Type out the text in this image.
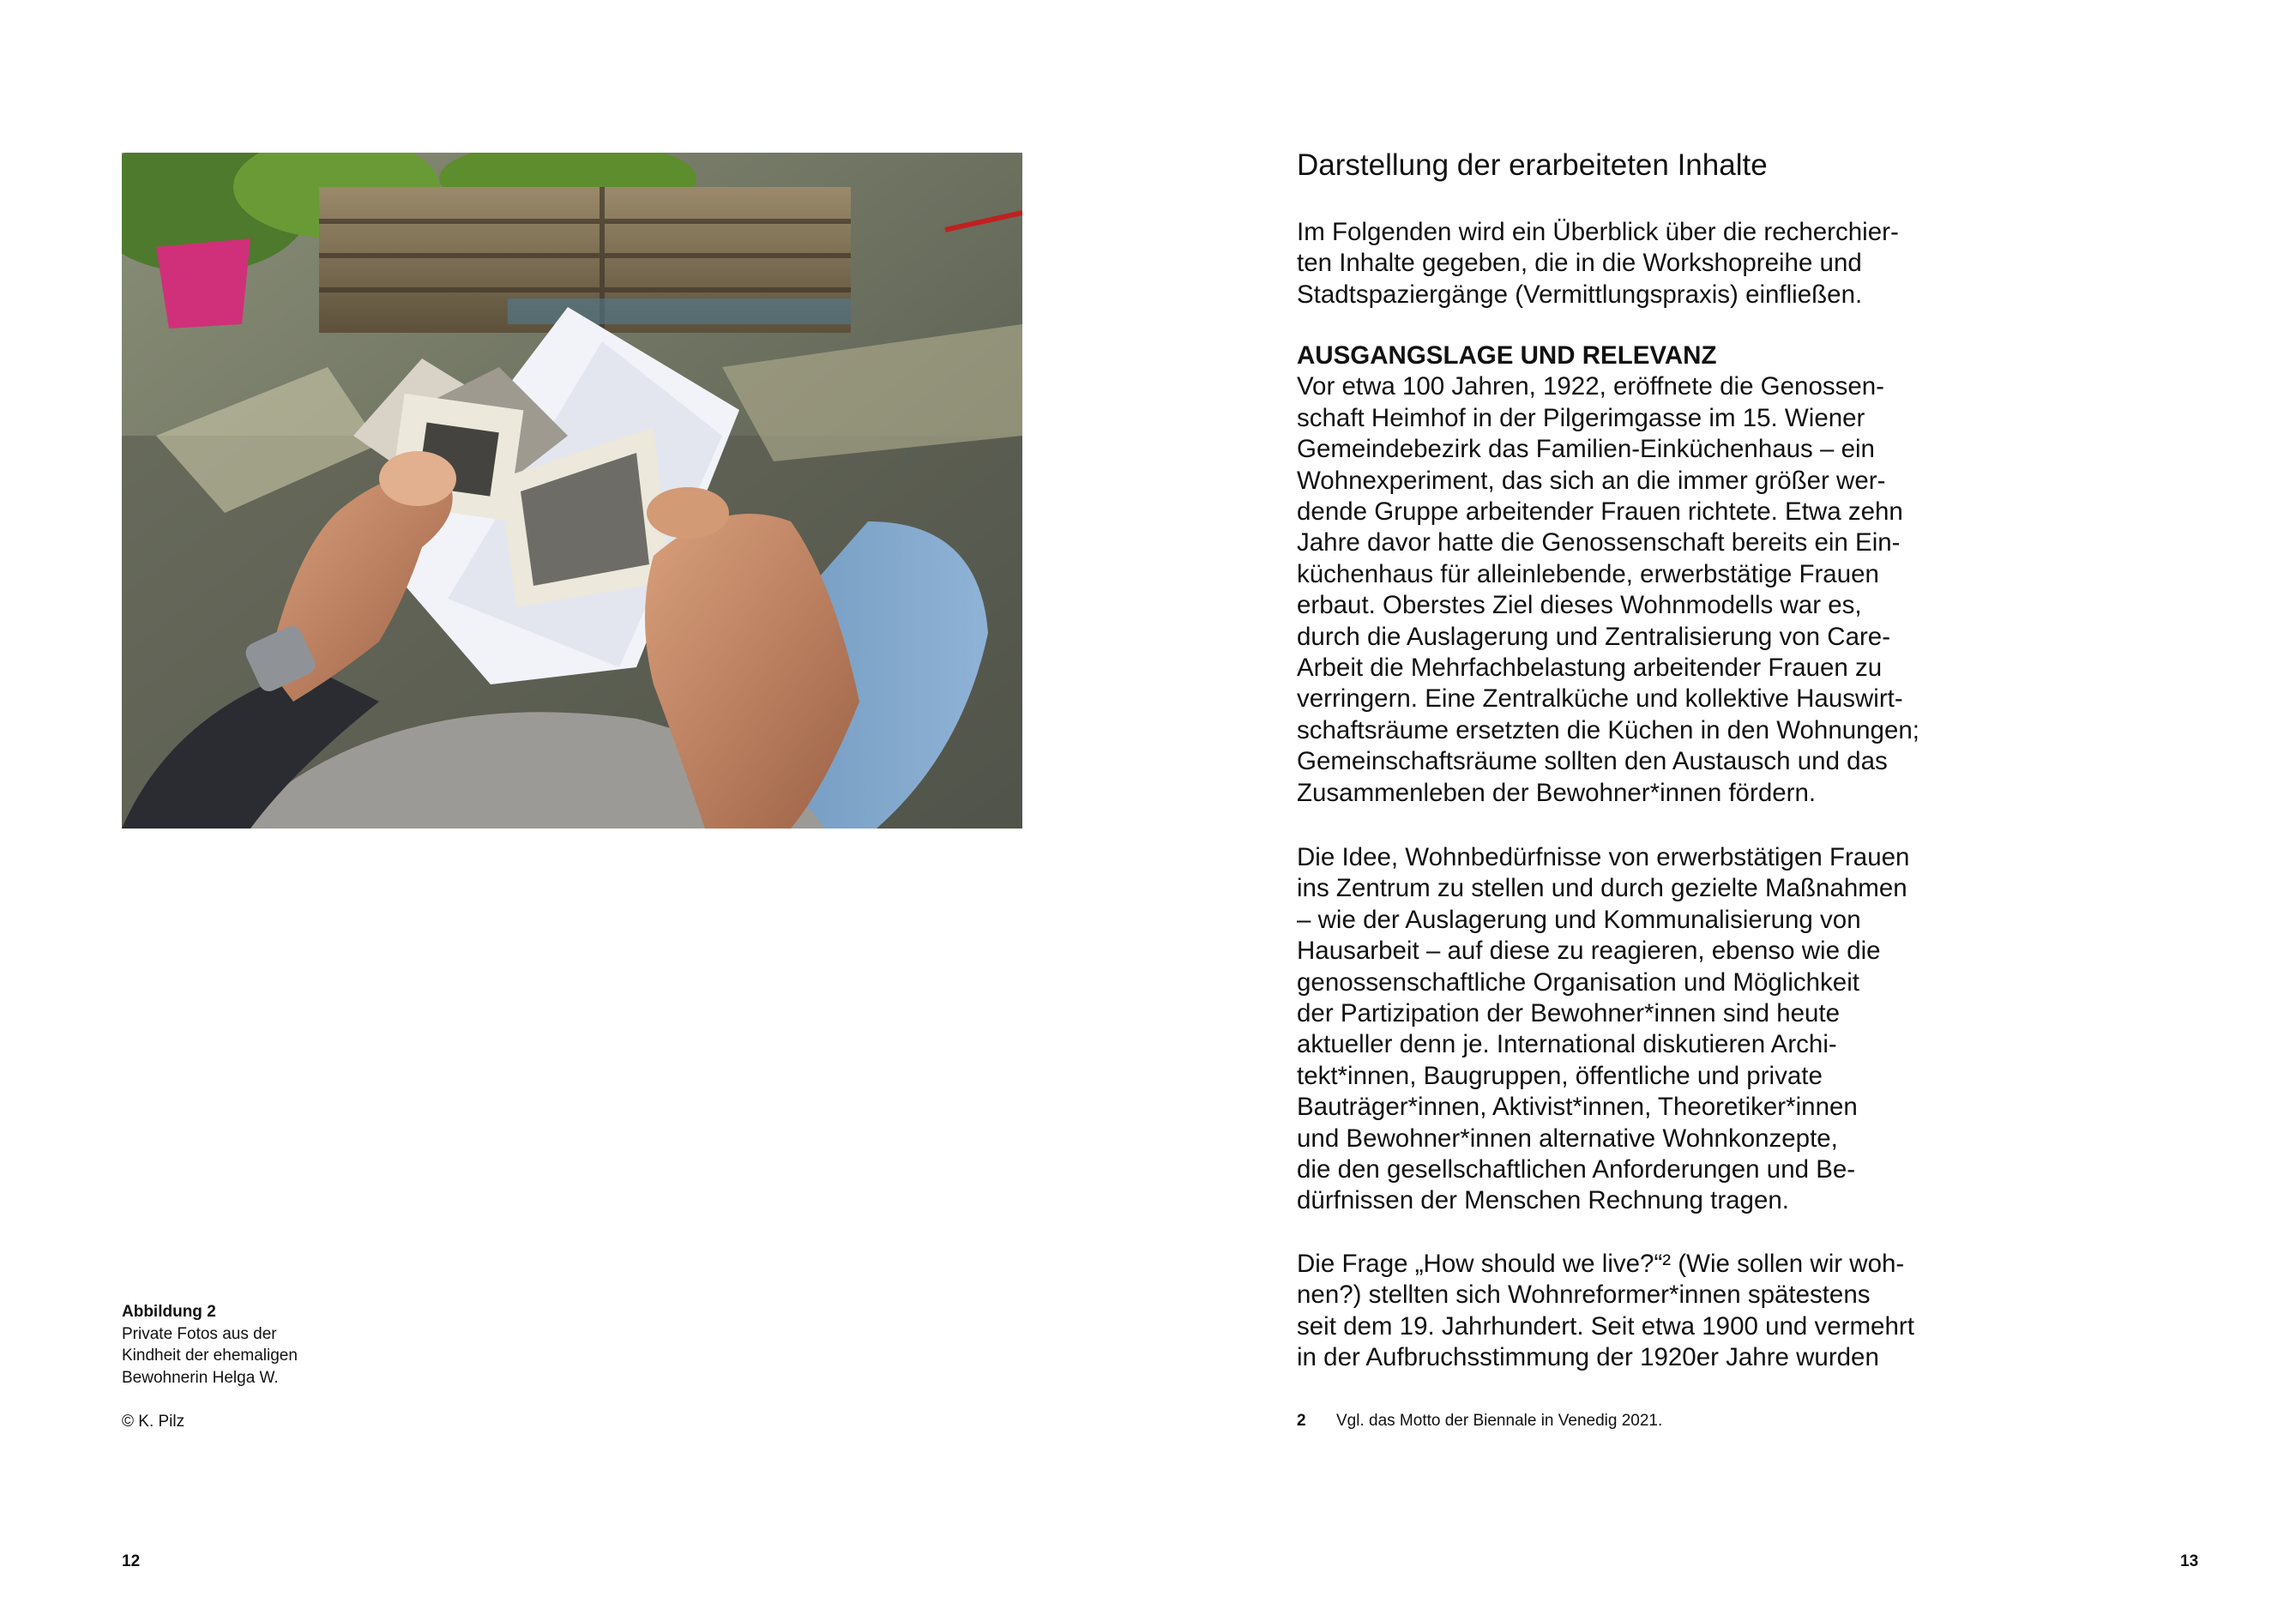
Abbildung 2
Private Fotos aus der
Kindheit der ehemaligen
Bewohnerin Helga W.
© K. Pilz
12
Darstellung der erarbeiteten Inhalte
Im Folgenden wird ein Überblick über die recherchier-
ten Inhalte gegeben, die in die Workshopreihe und
Stadtspaziergänge (Vermittlungspraxis) einfließen.
AUSGANGSLAGE UND RELEVANZ
Vor etwa 100 Jahren, 1922, eröffnete die Genossen-
schaft Heimhof in der Pilgerimgasse im 15. Wiener
Gemeindebezirk das Familien-Einküchenhaus – ein
Wohnexperiment, das sich an die immer größer wer-
dende Gruppe arbeitender Frauen richtete. Etwa zehn
Jahre davor hatte die Genossenschaft bereits ein Ein-
küchenhaus für alleinlebende, erwerbstätige Frauen
erbaut. Oberstes Ziel dieses Wohnmodells war es,
durch die Auslagerung und Zentralisierung von Care-
Arbeit die Mehrfachbelastung arbeitender Frauen zu
verringern. Eine Zentralküche und kollektive Hauswirt-
schaftsräume ersetzten die Küchen in den Wohnungen;
Gemeinschaftsräume sollten den Austausch und das
Zusammenleben der Bewohner*innen fördern.
Die Idee, Wohnbedürfnisse von erwerbstätigen Frauen
ins Zentrum zu stellen und durch gezielte Maßnahmen
– wie der Auslagerung und Kommunalisierung von
Hausarbeit – auf diese zu reagieren, ebenso wie die
genossenschaftliche Organisation und Möglichkeit
der Partizipation der Bewohner*innen sind heute
aktueller denn je. International diskutieren Archi-
tekt*innen, Baugruppen, öffentliche und private
Bauträger*innen, Aktivist*innen, Theoretiker*innen
und Bewohner*innen alternative Wohnkonzepte,
die den gesellschaftlichen Anforderungen und Be-
dürfnissen der Menschen Rechnung tragen.
Die Frage „How should we live?“² (Wie sollen wir woh-
nen?) stellten sich Wohnreformer*innen spätestens
seit dem 19. Jahrhundert. Seit etwa 1900 und vermehrt
in der Aufbruchsstimmung der 1920er Jahre wurden
2 Vgl. das Motto der Biennale in Venedig 2021.
13
